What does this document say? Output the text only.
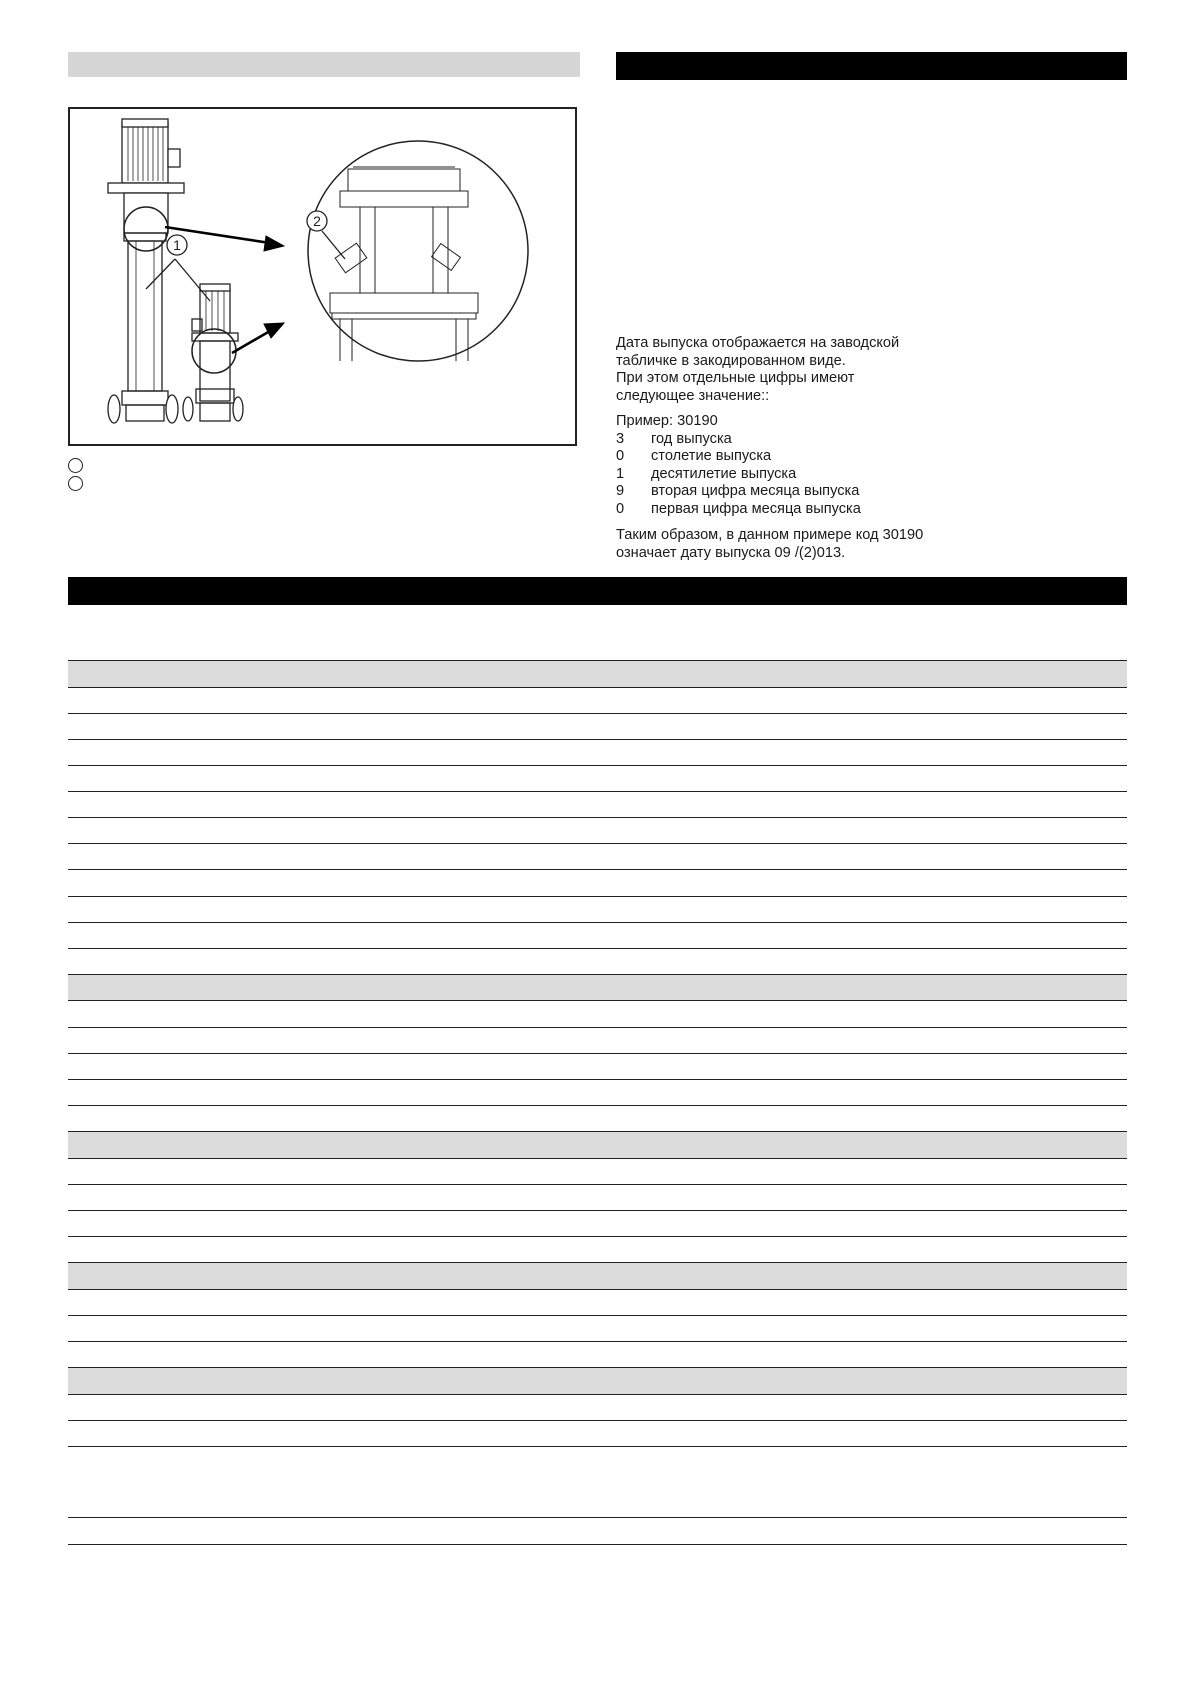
1
2

Дата выпуска отображается на заводской

табличке в закодированном виде.

При этом отдельные цифры имеют

следующее значение::

Пример: 30190

3	год выпуска
0	столетие выпуска
1	десятилетие выпуска
9	вторая цифра месяца выпуска
0	первая цифра месяца выпуска

Таким образом, в данном примере код 30190

означает дату выпуска 09 /(2)013.
